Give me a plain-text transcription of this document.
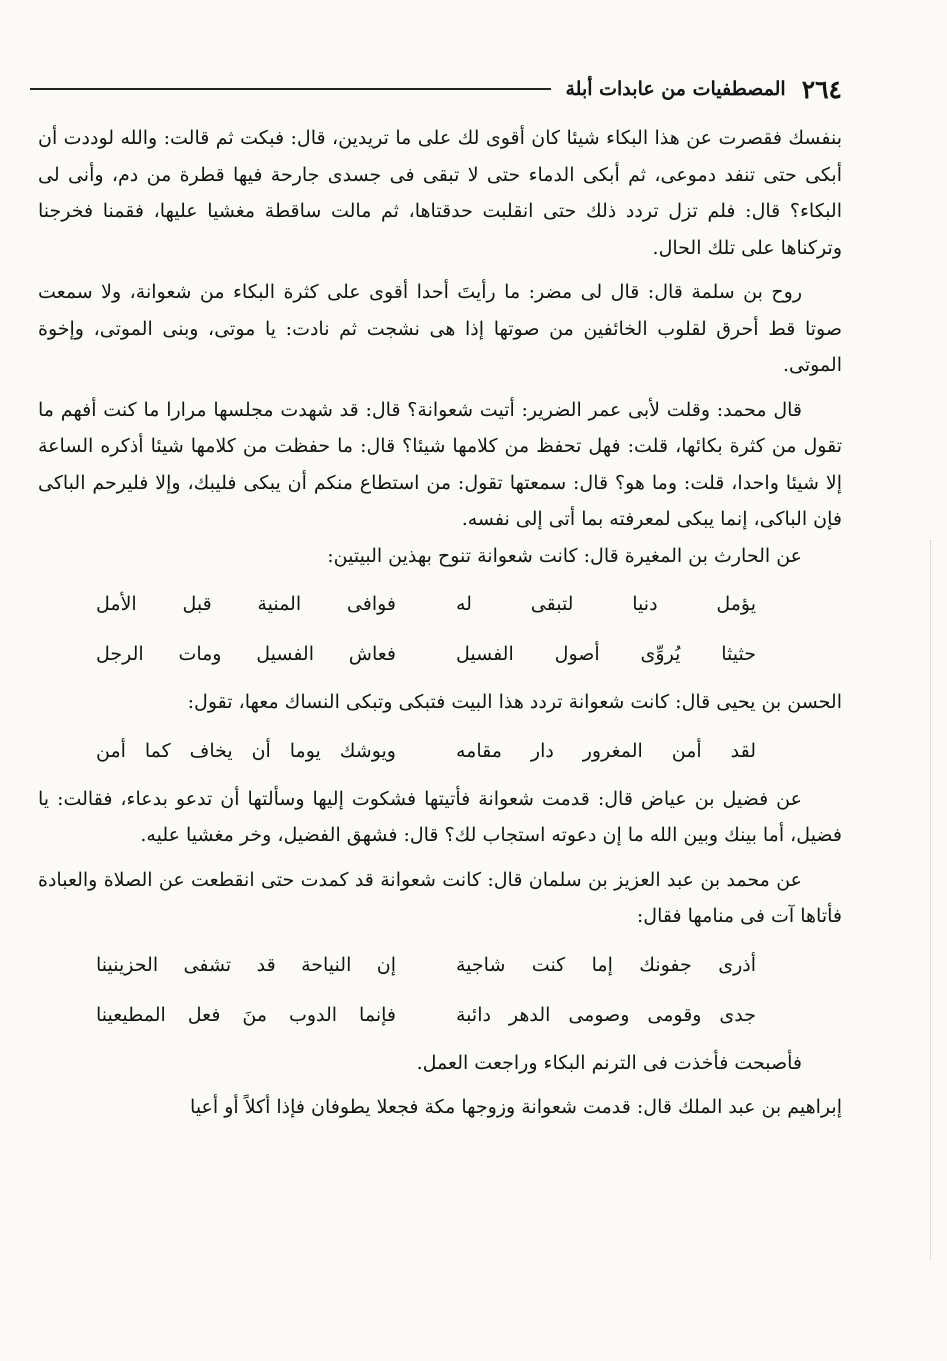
٢٦٤
المصطفيات من عابدات أبلة

بنفسك فقصرت عن هذا البكاء شيئا كان أقوى لك على ما تريدين، قال: فبكت ثم قالت: والله لوددت أن أبكى حتى تنفد دموعى، ثم أبكى الدماء حتى لا تبقى فى جسدى جارحة فيها قطرة من دم، وأنى لى البكاء؟ قال: فلم تزل تردد ذلك حتى انقلبت حدقتاها، ثم مالت ساقطة مغشيا عليها، فقمنا فخرجنا وتركناها على تلك الحال.

روح بن سلمة قال: قال لى مضر: ما رأيتَ أحدا أقوى على كثرة البكاء من شعوانة، ولا سمعت صوتا قط أحرق لقلوب الخائفين من صوتها إذا هى نشجت ثم نادت: يا موتى، وبنى الموتى، وإخوة الموتى.

قال محمد: وقلت لأبى عمر الضرير: أتيت شعوانة؟ قال: قد شهدت مجلسها مرارا ما كنت أفهم ما تقول من كثرة بكائها، قلت: فهل تحفظ من كلامها شيئا؟ قال: ما حفظت من كلامها شيئا أذكره الساعة إلا شيئا واحدا، قلت: وما هو؟ قال: سمعتها تقول: من استطاع منكم أن يبكى فليبك، وإلا فليرحم الباكى فإن الباكى، إنما يبكى لمعرفته بما أتى إلى نفسه.

عن الحارث بن المغيرة قال: كانت شعوانة تنوح بهذين البيتين:

يؤمل دنيا لتبقى له
فوافى المنية قبل الأمل
حثيثا يُروِّى أصول الفسيل
فعاش الفسيل ومات الرجل

الحسن بن يحيى قال: كانت شعوانة تردد هذا البيت فتبكى وتبكى النساك معها، تقول:

لقد أمن المغرور دار مقامه
ويوشك يوما أن يخاف كما أمن

عن فضيل بن عياض قال: قدمت شعوانة فأتيتها فشكوت إليها وسألتها أن تدعو بدعاء، فقالت: يا فضيل، أما بينك وبين الله ما إن دعوته استجاب لك؟ قال: فشهق الفضيل، وخر مغشيا عليه.

عن محمد بن عبد العزيز بن سلمان قال: كانت شعوانة قد كمدت حتى انقطعت عن الصلاة والعبادة فأتاها آت فى منامها فقال:

أذرى جفونك إما كنت شاجية
إن النياحة قد تشفى الحزينينا
جدى وقومى وصومى الدهر دائبة
فإنما الدوب منَ فعل المطيعينا

فأصبحت فأخذت فى الترنم البكاء وراجعت العمل.

إبراهيم بن عبد الملك قال: قدمت شعوانة وزوجها مكة فجعلا يطوفان فإذا أكلاً أو أعيا
